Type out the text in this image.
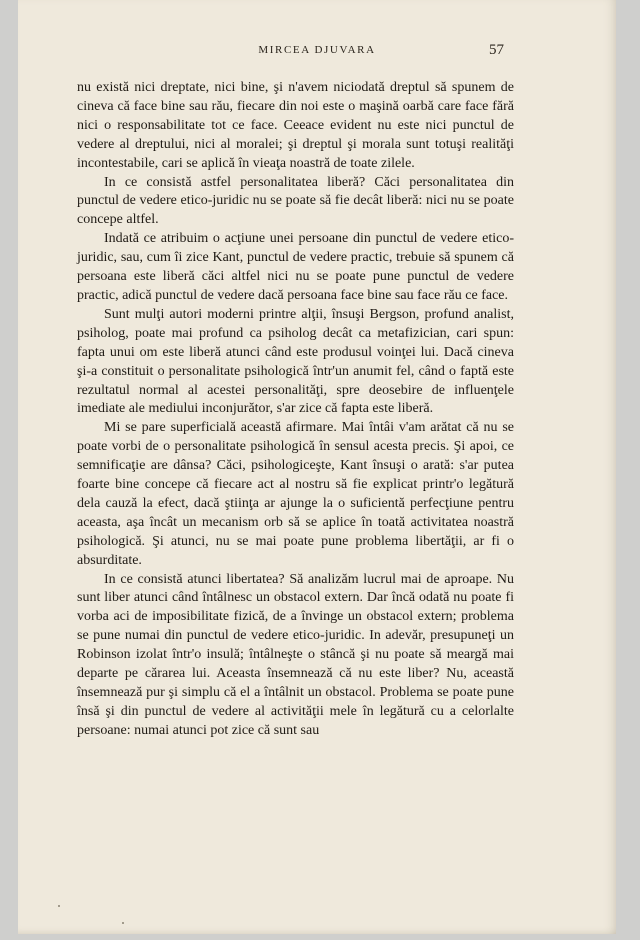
MIRCEA DJUVARA	57

nu există nici dreptate, nici bine, şi n'avem niciodată dreptul să spunem de cineva că face bine sau rău, fiecare din noi este o maşină oarbă care face fără nici o responsabilitate tot ce face. Ceeace evident nu este nici punctul de vedere al dreptului, nici al moralei; şi dreptul şi morala sunt totuşi realităţi incontestabile, cari se aplică în vieaţa noastră de toate zilele.

In ce consistă astfel personalitatea liberă? Căci personalitatea din punctul de vedere etico-juridic nu se poate să fie decât liberă: nici nu se poate concepe altfel.

Indată ce atribuim o acţiune unei persoane din punctul de vedere etico-juridic, sau, cum îi zice Kant, punctul de vedere practic, trebuie să spunem că persoana este liberă căci altfel nici nu se poate pune punctul de vedere practic, adică punctul de vedere dacă persoana face bine sau face rău ce face.

Sunt mulţi autori moderni printre alţii, însuşi Bergson, profund analist, psiholog, poate mai profund ca psiholog decât ca metafizician, cari spun: fapta unui om este liberă atunci când este produsul voinţei lui. Dacă cineva şi-a constituit o personalitate psihologică într'un anumit fel, când o faptă este rezultatul normal al acestei personalităţi, spre deosebire de influenţele imediate ale mediului inconjurător, s'ar zice că fapta este liberă.

Mi se pare superficială această afirmare. Mai întâi v'am arătat că nu se poate vorbi de o personalitate psihologică în sensul acesta precis. Şi apoi, ce semnificaţie are dânsa? Căci, psihologiceşte, Kant însuşi o arată: s'ar putea foarte bine concepe că fiecare act al nostru să fie explicat printr'o legătură dela cauză la efect, dacă ştiinţa ar ajunge la o suficientă perfecţiune pentru aceasta, aşa încât un mecanism orb să se aplice în toată activitatea noastră psihologică. Şi atunci, nu se mai poate pune problema libertăţii, ar fi o absurditate.

In ce consistă atunci libertatea? Să analizăm lucrul mai de aproape. Nu sunt liber atunci când întâlnesc un obstacol extern. Dar încă odată nu poate fi vorba aci de imposibilitate fizică, de a învinge un obstacol extern; problema se pune numai din punctul de vedere etico-juridic. In adevăr, presupuneţi un Robinson izolat într'o insulă; întâlneşte o stâncă şi nu poate să meargă mai departe pe cărarea lui. Aceasta însemnează că nu este liber? Nu, această însemnează pur şi simplu că el a întâlnit un obstacol. Problema se poate pune însă şi din punctul de vedere al activităţii mele în legătură cu a celorlalte persoane: numai atunci pot zice că sunt sau
